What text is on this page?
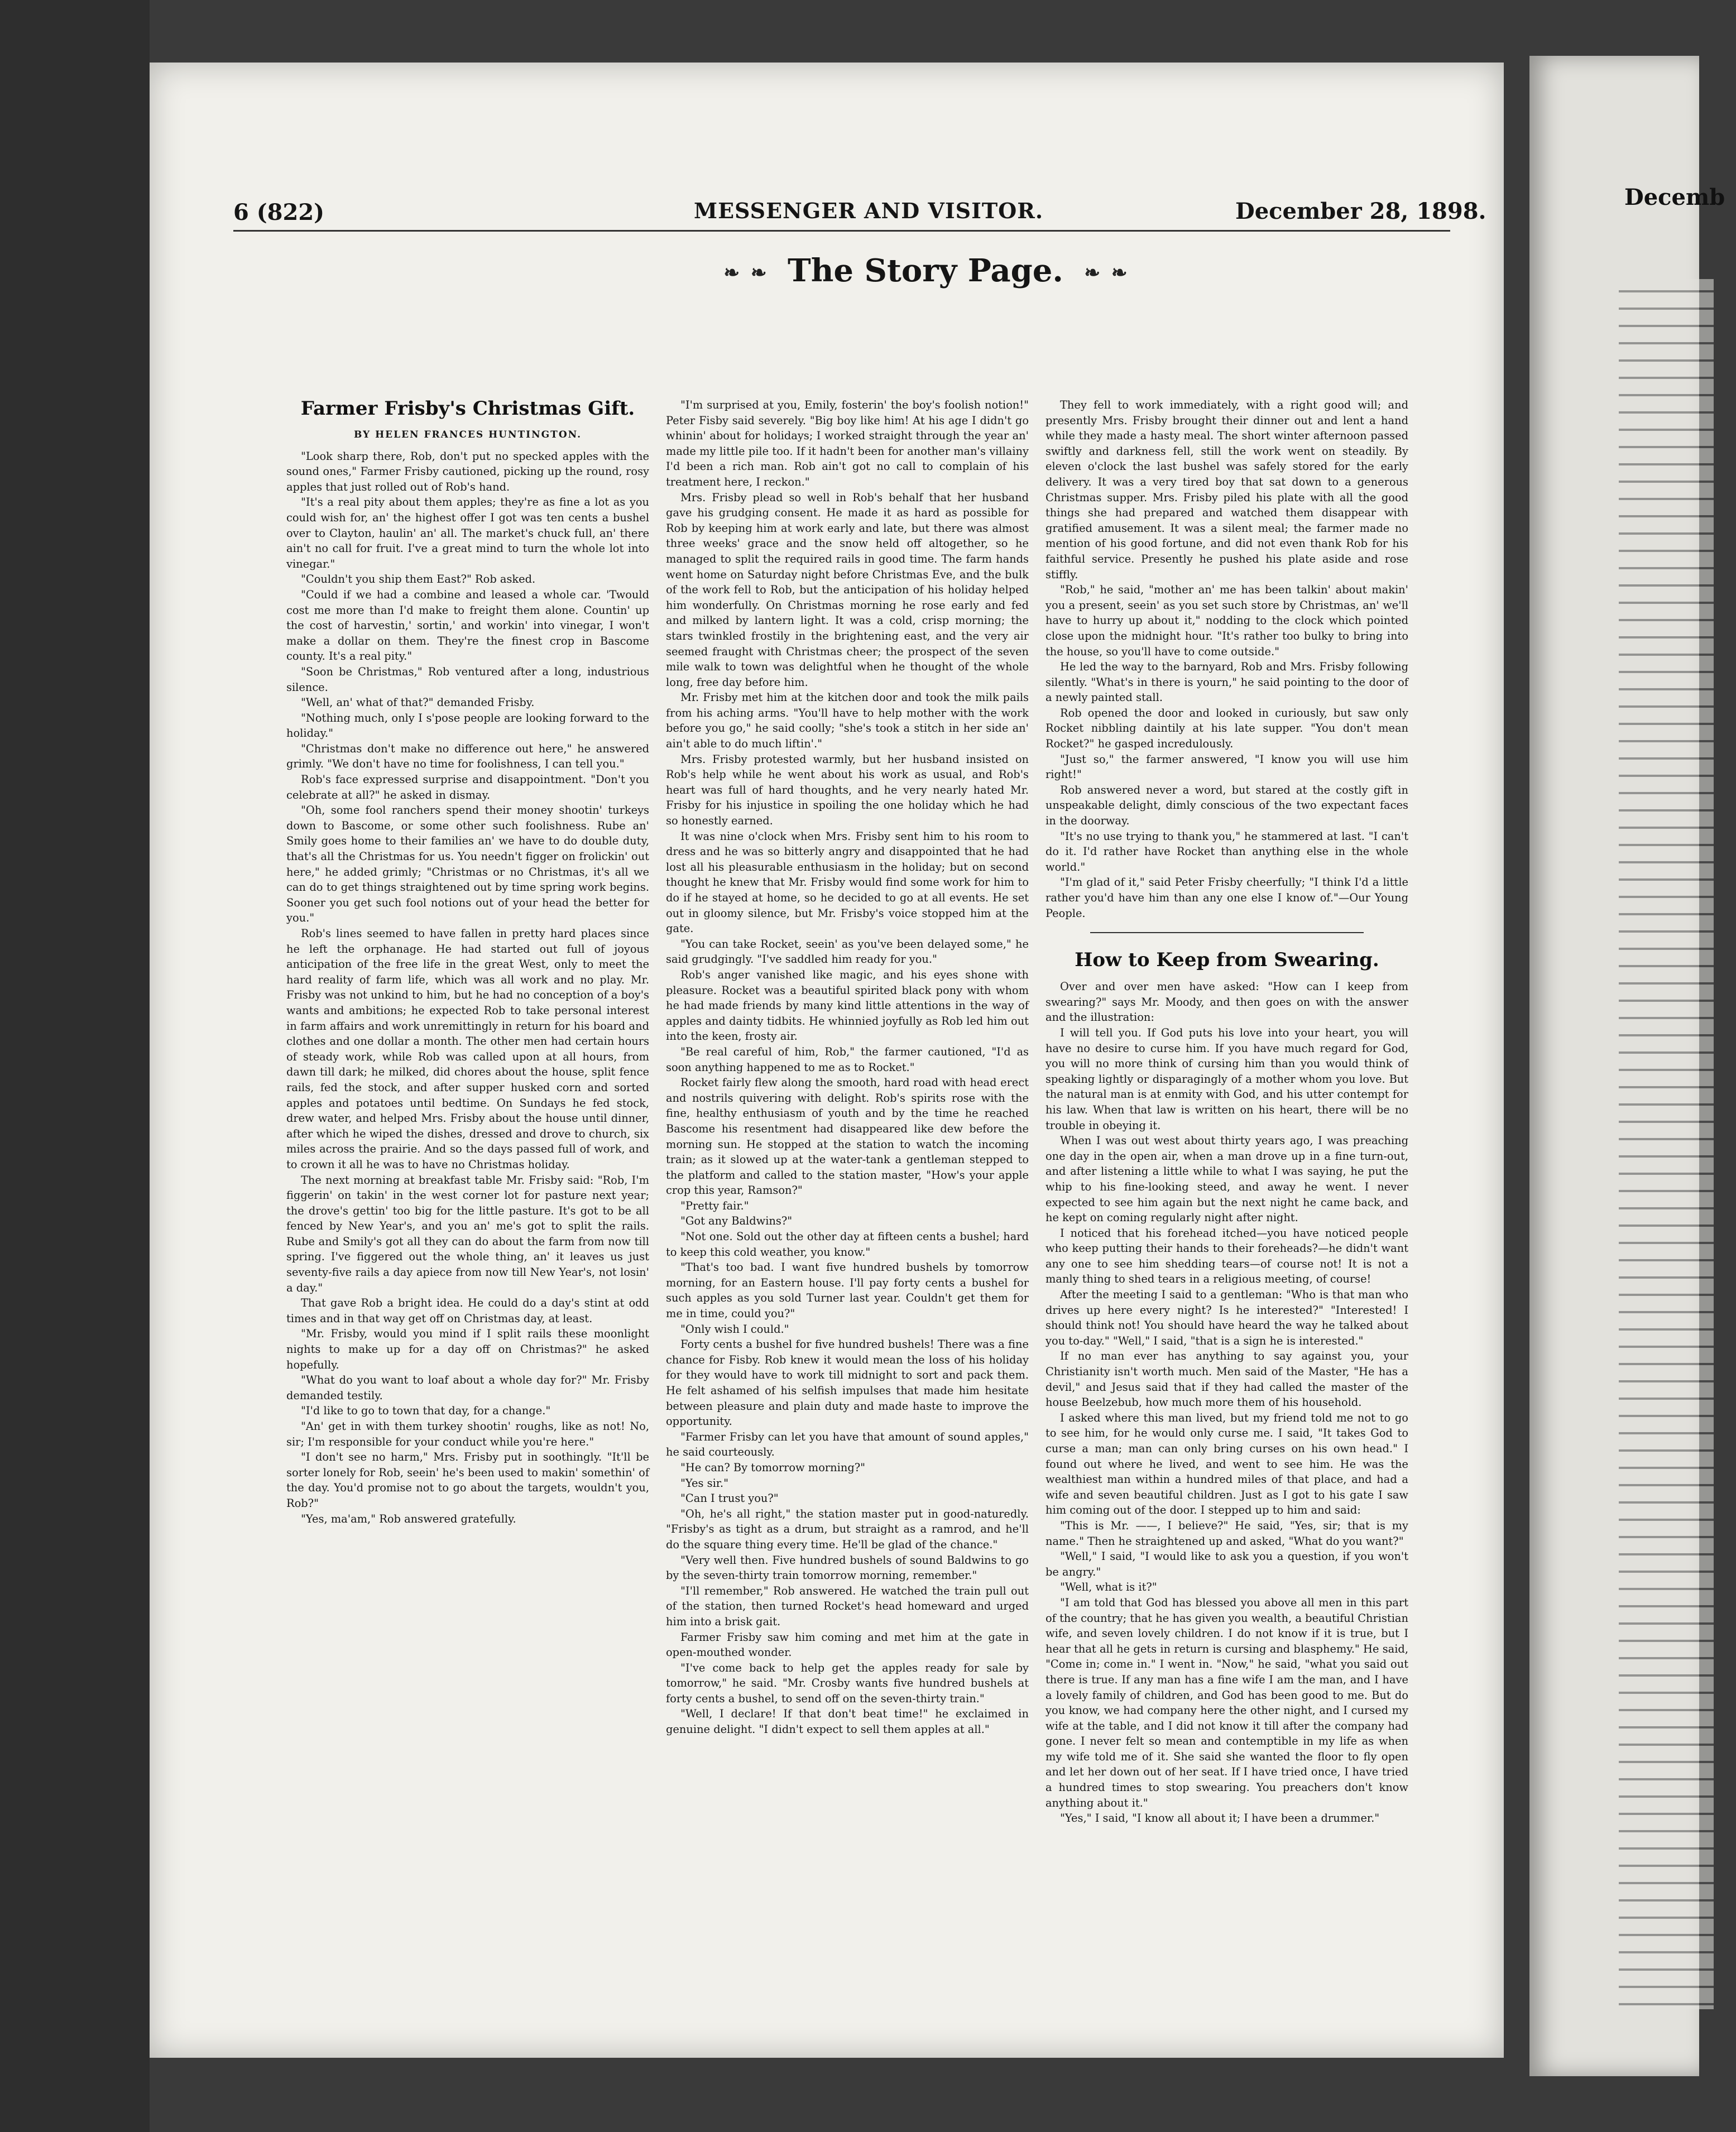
6 (822)	MESSENGER AND VISITOR.	December 28, 1898.
❧ ❧ The Story Page. ❧ ❧
Farmer Frisby's Christmas Gift.

BY HELEN FRANCES HUNTINGTON.

"Look sharp there, Rob, don't put no specked apples with the sound ones," Farmer Frisby cautioned, picking up the round, rosy apples that just rolled out of Rob's hand.

"It's a real pity about them apples; they're as fine a lot as you could wish for, an' the highest offer I got was ten cents a bushel over to Clayton, haulin' an' all. The market's chuck full, an' there ain't no call for fruit. I've a great mind to turn the whole lot into vinegar."

"Couldn't you ship them East?" Rob asked.

"Could if we had a combine and leased a whole car. 'Twould cost me more than I'd make to freight them alone. Countin' up the cost of harvestin,' sortin,' and workin' into vinegar, I won't make a dollar on them. They're the finest crop in Bascome county. It's a real pity."

"Soon be Christmas," Rob ventured after a long, industrious silence.

"Well, an' what of that?" demanded Frisby.

"Nothing much, only I s'pose people are looking forward to the holiday."

"Christmas don't make no difference out here," he answered grimly. "We don't have no time for foolishness, I can tell you."

Rob's face expressed surprise and disappointment. "Don't you celebrate at all?" he asked in dismay.

"Oh, some fool ranchers spend their money shootin' turkeys down to Bascome, or some other such foolishness. Rube an' Smily goes home to their families an' we have to do double duty, that's all the Christmas for us. You needn't figger on frolickin' out here," he added grimly; "Christmas or no Christmas, it's all we can do to get things straightened out by time spring work begins. Sooner you get such fool notions out of your head the better for you."

Rob's lines seemed to have fallen in pretty hard places since he left the orphanage. He had started out full of joyous anticipation of the free life in the great West, only to meet the hard reality of farm life, which was all work and no play. Mr. Frisby was not unkind to him, but he had no conception of a boy's wants and ambitions; he expected Rob to take personal interest in farm affairs and work unremittingly in return for his board and clothes and one dollar a month. The other men had certain hours of steady work, while Rob was called upon at all hours, from dawn till dark; he milked, did chores about the house, split fence rails, fed the stock, and after supper husked corn and sorted apples and potatoes until bedtime. On Sundays he fed stock, drew water, and helped Mrs. Frisby about the house until dinner, after which he wiped the dishes, dressed and drove to church, six miles across the prairie. And so the days passed full of work, and to crown it all he was to have no Christmas holiday.

The next morning at breakfast table Mr. Frisby said: "Rob, I'm figgerin' on takin' in the west corner lot for pasture next year; the drove's gettin' too big for the little pasture. It's got to be all fenced by New Year's, and you an' me's got to split the rails. Rube and Smily's got all they can do about the farm from now till spring. I've figgered out the whole thing, an' it leaves us just seventy-five rails a day apiece from now till New Year's, not losin' a day."

That gave Rob a bright idea. He could do a day's stint at odd times and in that way get off on Christmas day, at least.

"Mr. Frisby, would you mind if I split rails these moonlight nights to make up for a day off on Christmas?" he asked hopefully.

"What do you want to loaf about a whole day for?" Mr. Frisby demanded testily.

"I'd like to go to town that day, for a change."

"An' get in with them turkey shootin' roughs, like as not! No, sir; I'm responsible for your conduct while you're here."

"I don't see no harm," Mrs. Frisby put in soothingly. "It'll be sorter lonely for Rob, seein' he's been used to makin' somethin' of the day. You'd promise not to go about the targets, wouldn't you, Rob?"

"Yes, ma'am," Rob answered gratefully.

"I'm surprised at you, Emily, fosterin' the boy's foolish notion!" Peter Fisby said severely. "Big boy like him! At his age I didn't go whinin' about for holidays; I worked straight through the year an' made my little pile too. If it hadn't been for another man's villainy I'd been a rich man. Rob ain't got no call to complain of his treatment here, I reckon."

Mrs. Frisby plead so well in Rob's behalf that her husband gave his grudging consent. He made it as hard as possible for Rob by keeping him at work early and late, but there was almost three weeks' grace and the snow held off altogether, so he managed to split the required rails in good time. The farm hands went home on Saturday night before Christmas Eve, and the bulk of the work fell to Rob, but the anticipation of his holiday helped him wonderfully. On Christmas morning he rose early and fed and milked by lantern light. It was a cold, crisp morning; the stars twinkled frostily in the brightening east, and the very air seemed fraught with Christmas cheer; the prospect of the seven mile walk to town was delightful when he thought of the whole long, free day before him.

Mr. Frisby met him at the kitchen door and took the milk pails from his aching arms. "You'll have to help mother with the work before you go," he said coolly; "she's took a stitch in her side an' ain't able to do much liftin'."

Mrs. Frisby protested warmly, but her husband insisted on Rob's help while he went about his work as usual, and Rob's heart was full of hard thoughts, and he very nearly hated Mr. Frisby for his injustice in spoiling the one holiday which he had so honestly earned.

It was nine o'clock when Mrs. Frisby sent him to his room to dress and he was so bitterly angry and disappointed that he had lost all his pleasurable enthusiasm in the holiday; but on second thought he knew that Mr. Frisby would find some work for him to do if he stayed at home, so he decided to go at all events. He set out in gloomy silence, but Mr. Frisby's voice stopped him at the gate.

"You can take Rocket, seein' as you've been delayed some," he said grudgingly. "I've saddled him ready for you."

Rob's anger vanished like magic, and his eyes shone with pleasure. Rocket was a beautiful spirited black pony with whom he had made friends by many kind little attentions in the way of apples and dainty tidbits. He whinnied joyfully as Rob led him out into the keen, frosty air.

"Be real careful of him, Rob," the farmer cautioned, "I'd as soon anything happened to me as to Rocket."

Rocket fairly flew along the smooth, hard road with head erect and nostrils quivering with delight. Rob's spirits rose with the fine, healthy enthusiasm of youth and by the time he reached Bascome his resentment had disappeared like dew before the morning sun. He stopped at the station to watch the incoming train; as it slowed up at the water-tank a gentleman stepped to the platform and called to the station master, "How's your apple crop this year, Ramson?"

"Pretty fair."

"Got any Baldwins?"

"Not one. Sold out the other day at fifteen cents a bushel; hard to keep this cold weather, you know."

"That's too bad. I want five hundred bushels by tomorrow morning, for an Eastern house. I'll pay forty cents a bushel for such apples as you sold Turner last year. Couldn't get them for me in time, could you?"

"Only wish I could."

Forty cents a bushel for five hundred bushels! There was a fine chance for Fisby. Rob knew it would mean the loss of his holiday for they would have to work till midnight to sort and pack them. He felt ashamed of his selfish impulses that made him hesitate between pleasure and plain duty and made haste to improve the opportunity.

"Farmer Frisby can let you have that amount of sound apples," he said courteously.

"He can? By tomorrow morning?"

"Yes sir."

"Can I trust you?"

"Oh, he's all right," the station master put in good-naturedly. "Frisby's as tight as a drum, but straight as a ramrod, and he'll do the square thing every time. He'll be glad of the chance."

"Very well then. Five hundred bushels of sound Baldwins to go by the seven-thirty train tomorrow morning, remember."

"I'll remember," Rob answered. He watched the train pull out of the station, then turned Rocket's head homeward and urged him into a brisk gait.

Farmer Frisby saw him coming and met him at the gate in open-mouthed wonder.

"I've come back to help get the apples ready for sale by tomorrow," he said. "Mr. Crosby wants five hundred bushels at forty cents a bushel, to send off on the seven-thirty train."

"Well, I declare! If that don't beat time!" he exclaimed in genuine delight. "I didn't expect to sell them apples at all."

They fell to work immediately, with a right good will; and presently Mrs. Frisby brought their dinner out and lent a hand while they made a hasty meal. The short winter afternoon passed swiftly and darkness fell, still the work went on steadily. By eleven o'clock the last bushel was safely stored for the early delivery. It was a very tired boy that sat down to a generous Christmas supper. Mrs. Frisby piled his plate with all the good things she had prepared and watched them disappear with gratified amusement. It was a silent meal; the farmer made no mention of his good fortune, and did not even thank Rob for his faithful service. Presently he pushed his plate aside and rose stiffly.

"Rob," he said, "mother an' me has been talkin' about makin' you a present, seein' as you set such store by Christmas, an' we'll have to hurry up about it," nodding to the clock which pointed close upon the midnight hour. "It's rather too bulky to bring into the house, so you'll have to come outside."

He led the way to the barnyard, Rob and Mrs. Frisby following silently. "What's in there is yourn," he said pointing to the door of a newly painted stall.

Rob opened the door and looked in curiously, but saw only Rocket nibbling daintily at his late supper. "You don't mean Rocket?" he gasped incredulously.

"Just so," the farmer answered, "I know you will use him right!"

Rob answered never a word, but stared at the costly gift in unspeakable delight, dimly conscious of the two expectant faces in the doorway.

"It's no use trying to thank you," he stammered at last. "I can't do it. I'd rather have Rocket than anything else in the whole world."

"I'm glad of it," said Peter Frisby cheerfully; "I think I'd a little rather you'd have him than any one else I know of."—Our Young People.

How to Keep from Swearing.

Over and over men have asked: "How can I keep from swearing?" says Mr. Moody, and then goes on with the answer and the illustration:

I will tell you. If God puts his love into your heart, you will have no desire to curse him. If you have much regard for God, you will no more think of cursing him than you would think of speaking lightly or disparagingly of a mother whom you love. But the natural man is at enmity with God, and his utter contempt for his law. When that law is written on his heart, there will be no trouble in obeying it.

When I was out west about thirty years ago, I was preaching one day in the open air, when a man drove up in a fine turn-out, and after listening a little while to what I was saying, he put the whip to his fine-looking steed, and away he went. I never expected to see him again but the next night he came back, and he kept on coming regularly night after night.

I noticed that his forehead itched—you have noticed people who keep putting their hands to their foreheads?—he didn't want any one to see him shedding tears—of course not! It is not a manly thing to shed tears in a religious meeting, of course!

After the meeting I said to a gentleman: "Who is that man who drives up here every night? Is he interested?" "Interested! I should think not! You should have heard the way he talked about you to-day." "Well," I said, "that is a sign he is interested."

If no man ever has anything to say against you, your Christianity isn't worth much. Men said of the Master, "He has a devil," and Jesus said that if they had called the master of the house Beelzebub, how much more them of his household.

I asked where this man lived, but my friend told me not to go to see him, for he would only curse me. I said, "It takes God to curse a man; man can only bring curses on his own head." I found out where he lived, and went to see him. He was the wealthiest man within a hundred miles of that place, and had a wife and seven beautiful children. Just as I got to his gate I saw him coming out of the door. I stepped up to him and said:

"This is Mr. ——, I believe?" He said, "Yes, sir; that is my name." Then he straightened up and asked, "What do you want?"

"Well," I said, "I would like to ask you a question, if you won't be angry."

"Well, what is it?"

"I am told that God has blessed you above all men in this part of the country; that he has given you wealth, a beautiful Christian wife, and seven lovely children. I do not know if it is true, but I hear that all he gets in return is cursing and blasphemy." He said, "Come in; come in." I went in. "Now," he said, "what you said out there is true. If any man has a fine wife I am the man, and I have a lovely family of children, and God has been good to me. But do you know, we had company here the other night, and I cursed my wife at the table, and I did not know it till after the company had gone. I never felt so mean and contemptible in my life as when my wife told me of it. She said she wanted the floor to fly open and let her down out of her seat. If I have tried once, I have tried a hundred times to stop swearing. You preachers don't know anything about it."

"Yes," I said, "I know all about it; I have been a drummer."

Decemb
